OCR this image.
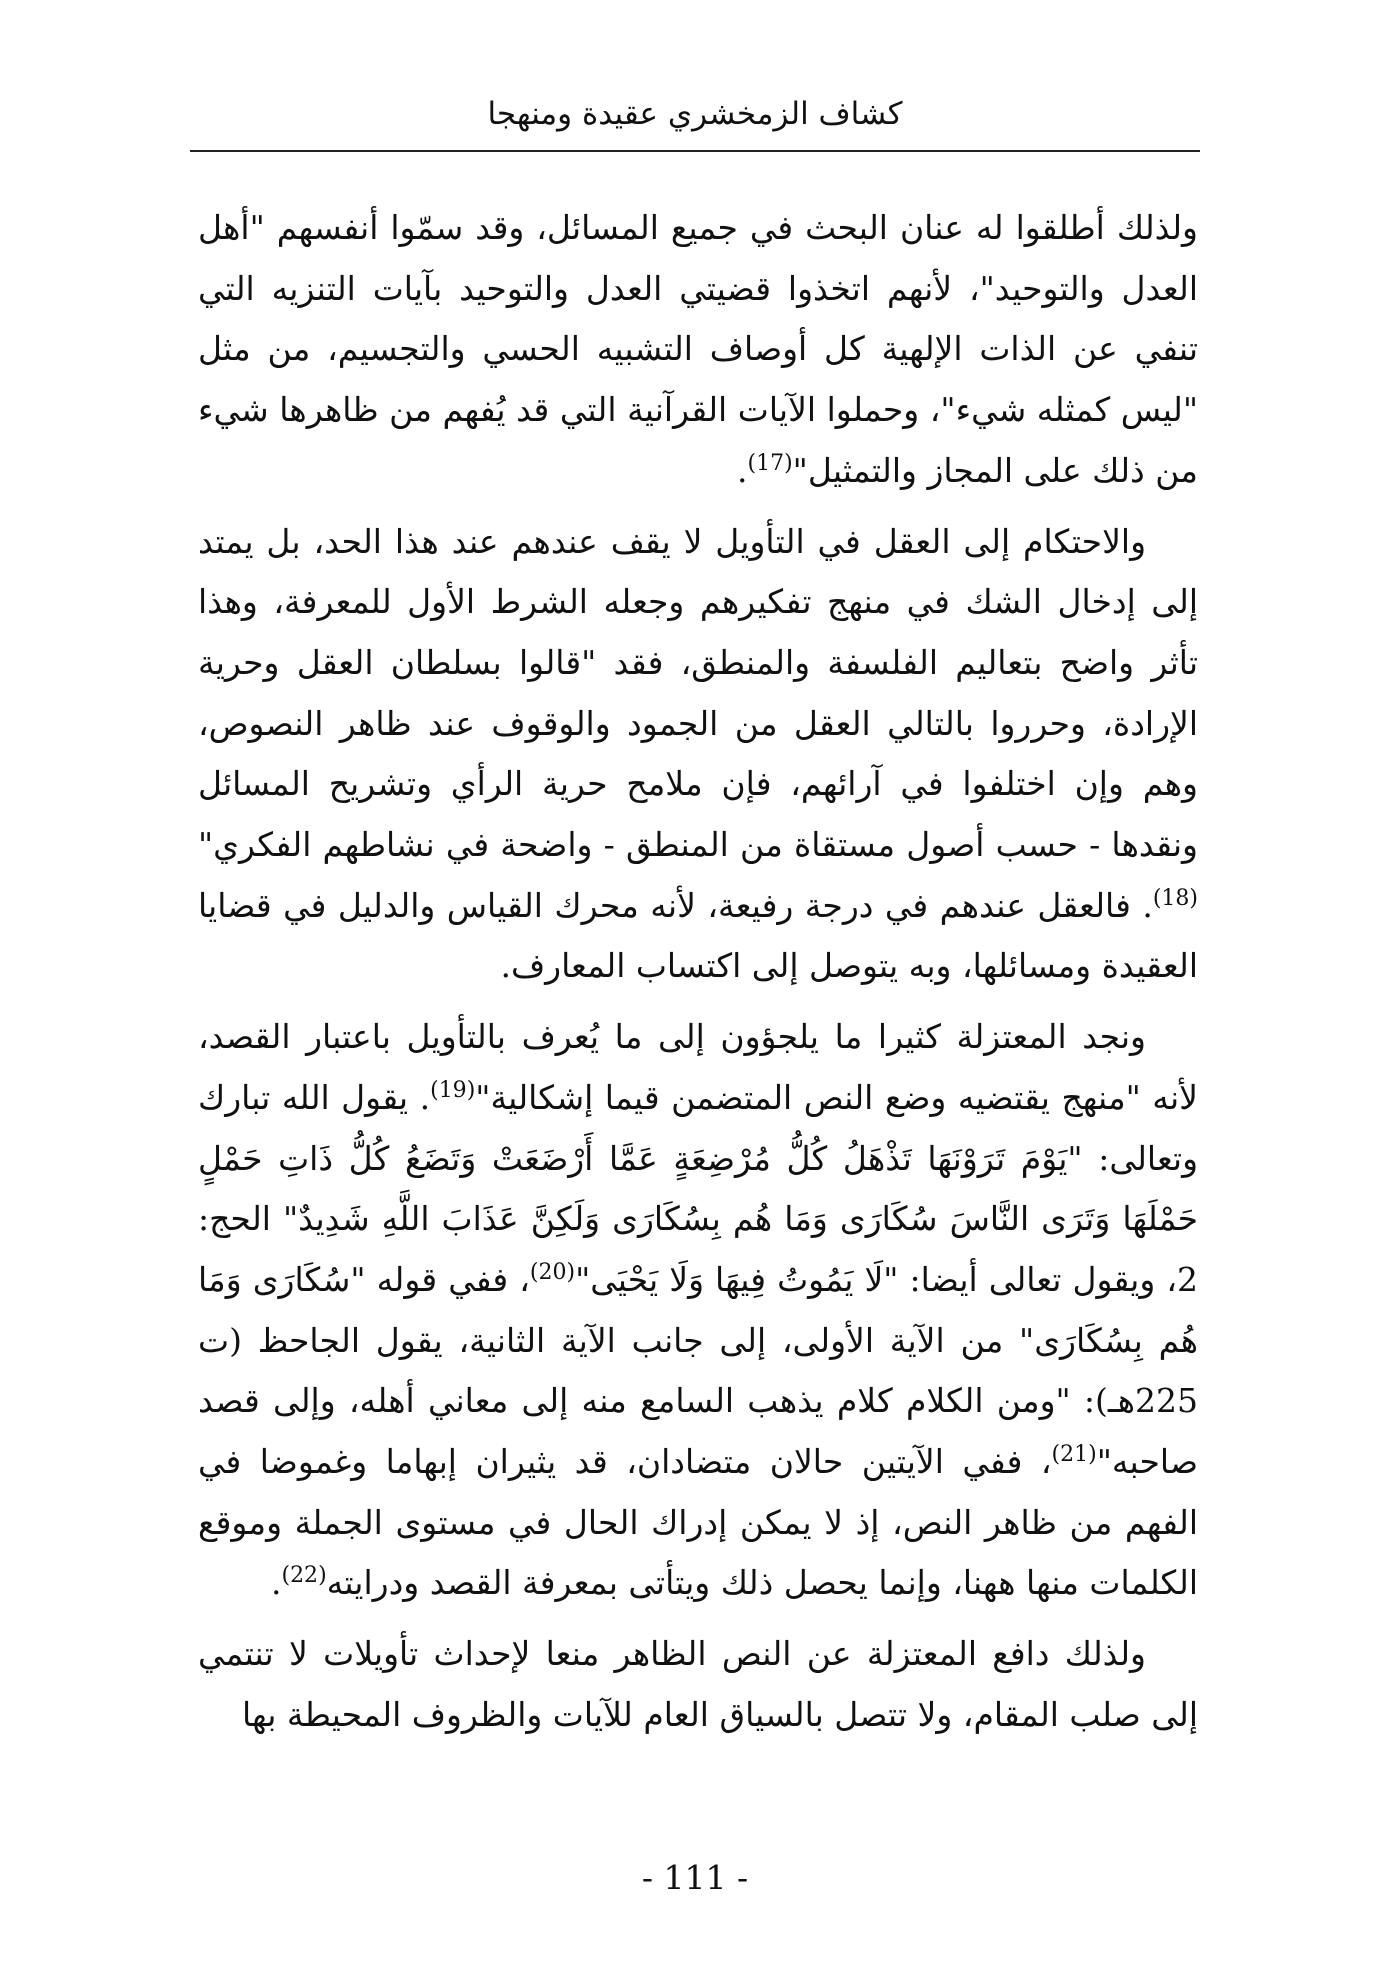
كشاف الزمخشري عقيدة ومنهجا

ولذلك أطلقوا له عنان البحث في جميع المسائل، وقد سمّوا أنفسهم "أهل العدل والتوحيد"، لأنهم اتخذوا قضيتي العدل والتوحيد بآيات التنزيه التي تنفي عن الذات الإلهية كل أوصاف التشبيه الحسي والتجسيم، من مثل "ليس كمثله شيء"، وحملوا الآيات القرآنية التي قد يُفهم من ظاهرها شيء من ذلك على المجاز والتمثيل"$^{(17)}$.

والاحتكام إلى العقل في التأويل لا يقف عندهم عند هذا الحد، بل يمتد إلى إدخال الشك في منهج تفكيرهم وجعله الشرط الأول للمعرفة، وهذا تأثر واضح بتعاليم الفلسفة والمنطق، فقد "قالوا بسلطان العقل وحرية الإرادة، وحرروا بالتالي العقل من الجمود والوقوف عند ظاهر النصوص، وهم وإن اختلفوا في آرائهم، فإن ملامح حرية الرأي وتشريح المسائل ونقدها - حسب أصول مستقاة من المنطق - واضحة في نشاطهم الفكري"$^{(18)}$. فالعقل عندهم في درجة رفيعة، لأنه محرك القياس والدليل في قضايا العقيدة ومسائلها، وبه يتوصل إلى اكتساب المعارف.

ونجد المعتزلة كثيرا ما يلجؤون إلى ما يُعرف بالتأويل باعتبار القصد، لأنه "منهج يقتضيه وضع النص المتضمن قيما إشكالية"$^{(19)}$. يقول الله تبارك وتعالى: "يَوْمَ تَرَوْنَهَا تَذْهَلُ كُلُّ مُرْضِعَةٍ عَمَّا أَرْضَعَتْ وَتَضَعُ كُلُّ ذَاتِ حَمْلٍ حَمْلَهَا وَتَرَى النَّاسَ سُكَارَى وَمَا هُم بِسُكَارَى وَلَكِنَّ عَذَابَ اللَّهِ شَدِيدٌ" الحج: 2، ويقول تعالى أيضا: "لَا يَمُوتُ فِيهَا وَلَا يَحْيَى"$^{(20)}$، ففي قوله "سُكَارَى وَمَا هُم بِسُكَارَى" من الآية الأولى، إلى جانب الآية الثانية، يقول الجاحظ (ت 225هـ): "ومن الكلام كلام يذهب السامع منه إلى معاني أهله، وإلى قصد صاحبه"$^{(21)}$، ففي الآيتين حالان متضادان، قد يثيران إبهاما وغموضا في الفهم من ظاهر النص، إذ لا يمكن إدراك الحال في مستوى الجملة وموقع الكلمات منها ههنا، وإنما يحصل ذلك ويتأتى بمعرفة القصد ودرايته$^{(22)}$.

ولذلك دافع المعتزلة عن النص الظاهر منعا لإحداث تأويلات لا تنتمي إلى صلب المقام، ولا تتصل بالسياق العام للآيات والظروف المحيطة بها

- 111 -
